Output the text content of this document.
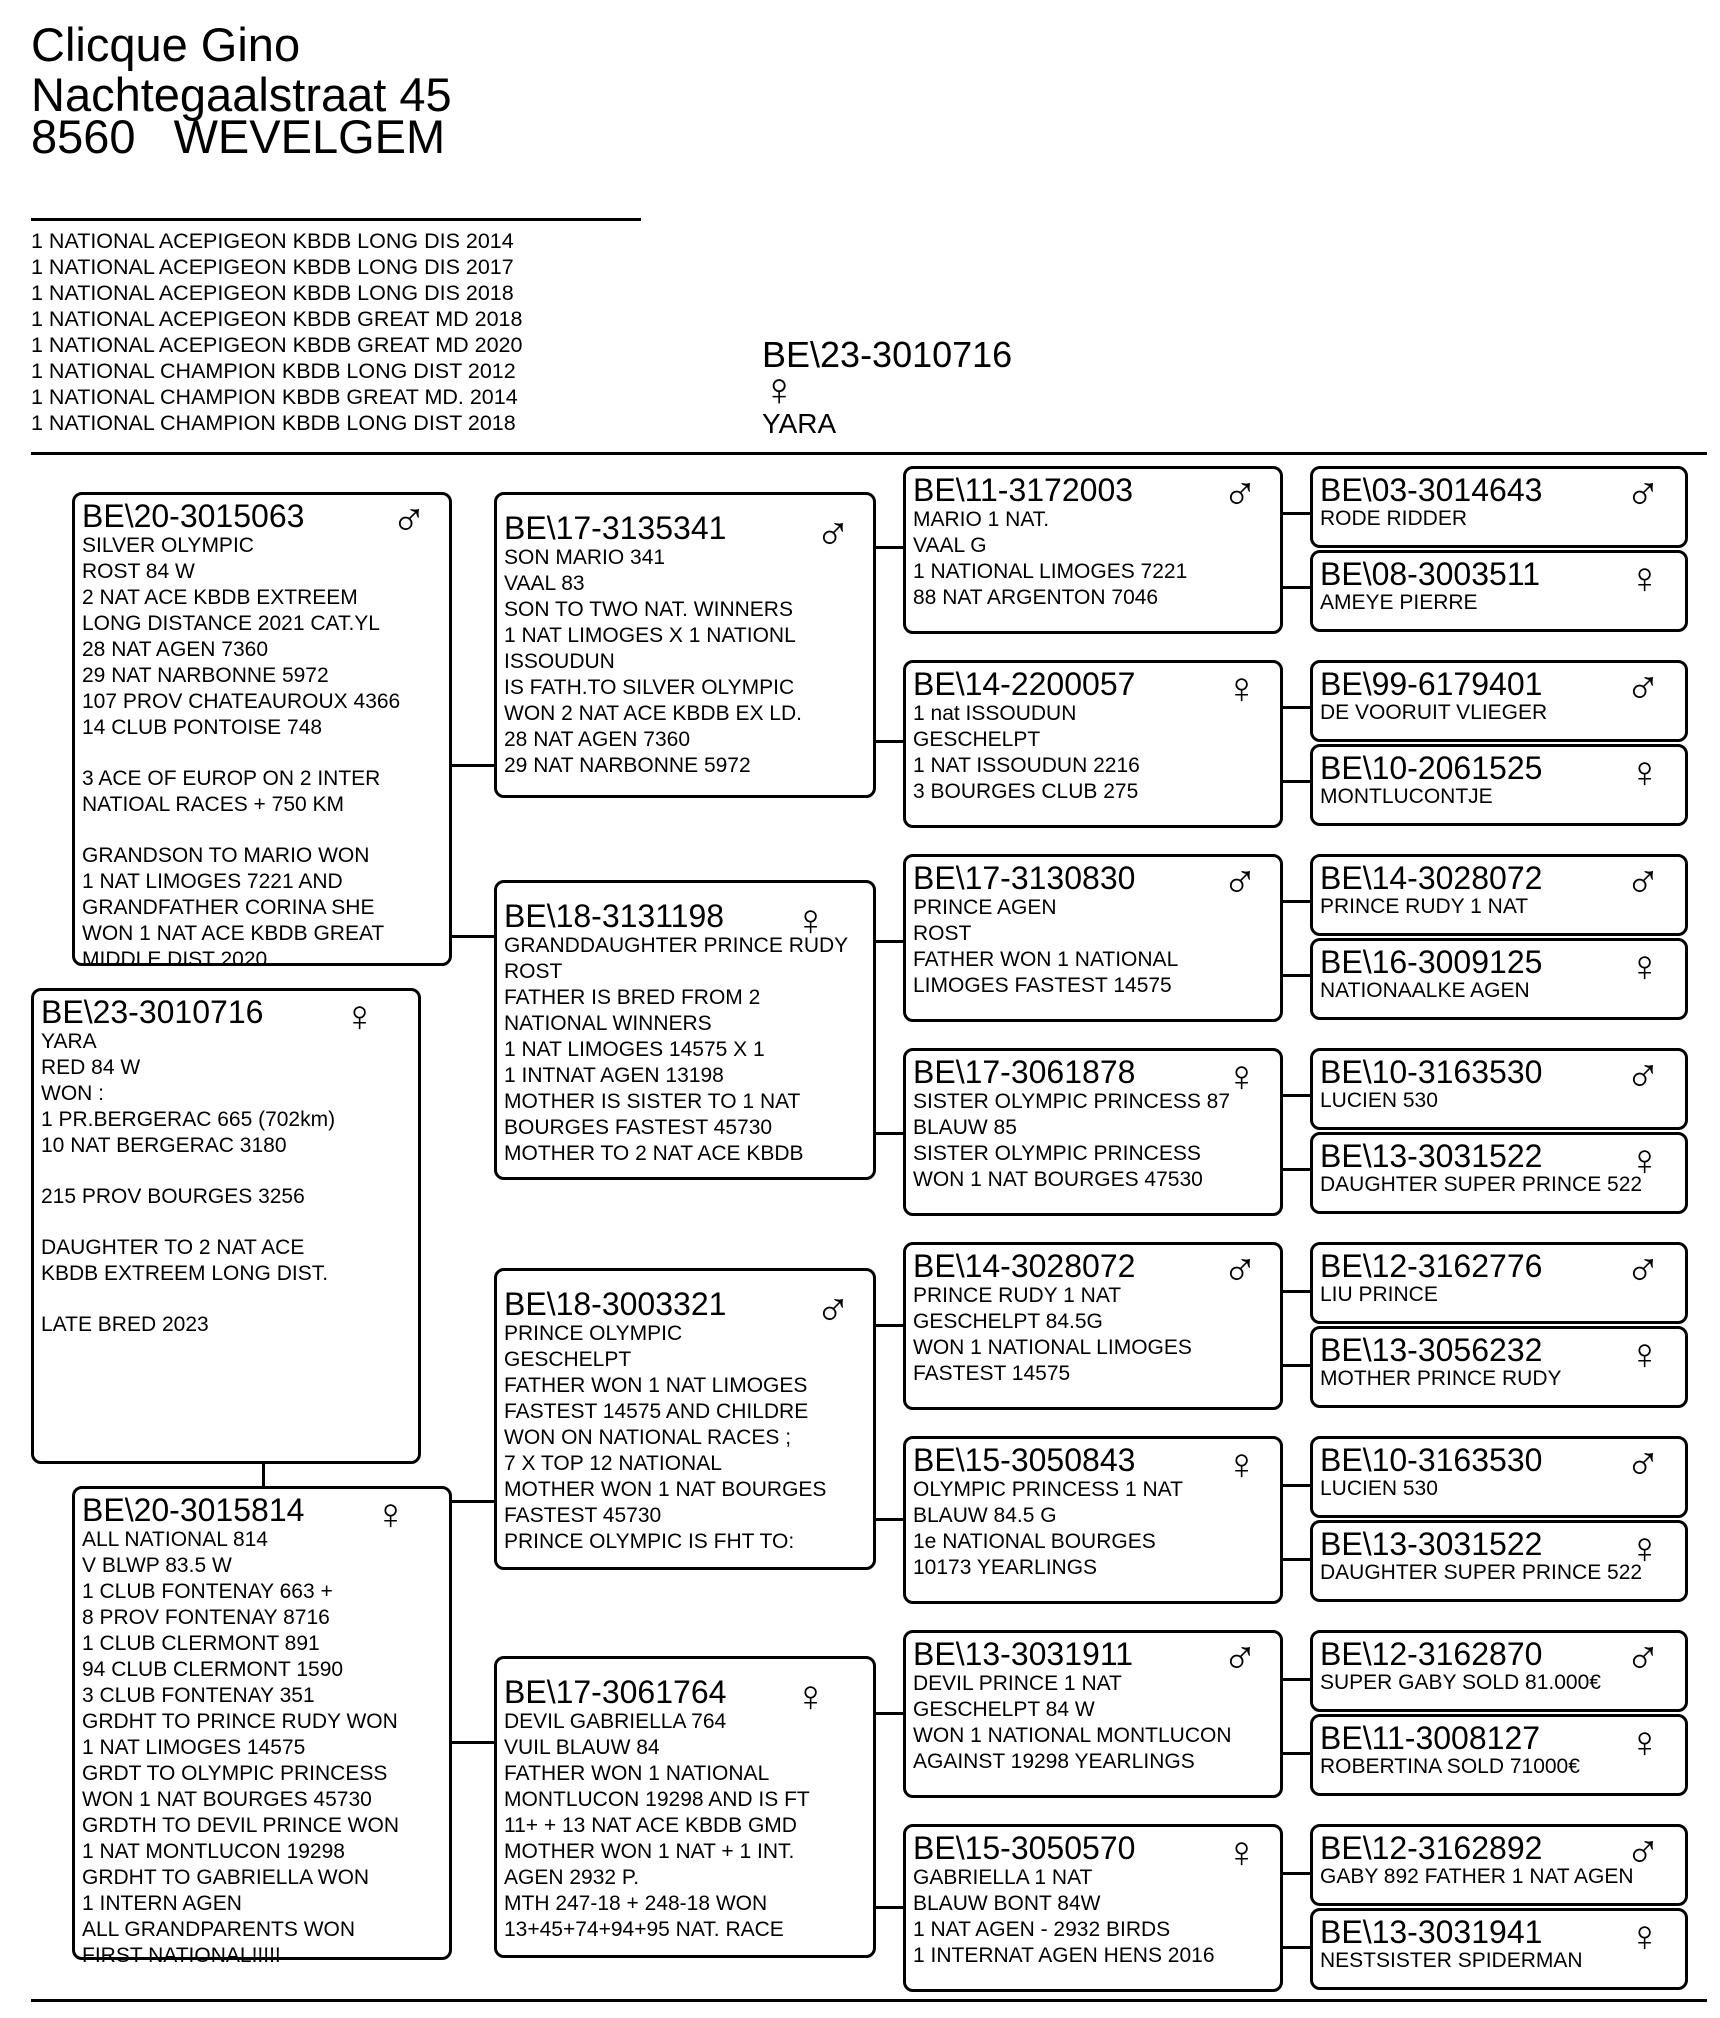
Clicque Gino
Nachtegaalstraat 45
8560 WEVELGEM
1 NATIONAL ACEPIGEON KBDB LONG DIS 2014
1 NATIONAL ACEPIGEON KBDB LONG DIS 2017
1 NATIONAL ACEPIGEON KBDB LONG DIS 2018
1 NATIONAL ACEPIGEON KBDB GREAT MD 2018
1 NATIONAL ACEPIGEON KBDB GREAT MD 2020
1 NATIONAL CHAMPION KBDB LONG DIST 2012
1 NATIONAL CHAMPION KBDB GREAT MD. 2014
1 NATIONAL CHAMPION KBDB LONG DIST 2018
BE\23-3010716
♀
YARA
BE\20-3015063	♂
SILVER OLYMPIC
ROST 84 W
2 NAT ACE KBDB EXTREEM
LONG DISTANCE 2021 CAT.YL
28 NAT AGEN 7360
29 NAT NARBONNE 5972
107 PROV CHATEAUROUX 4366
14 CLUB PONTOISE 748

3 ACE OF EUROP ON 2 INTER
NATIOAL RACES + 750 KM

GRANDSON TO MARIO WON
1 NAT LIMOGES 7221 AND
GRANDFATHER CORINA SHE
WON 1 NAT ACE KBDB GREAT
MIDDLE DIST 2020
BE\23-3010716	♀
YARA
RED 84 W
WON :
1 PR.BERGERAC 665 (702km)
10 NAT BERGERAC 3180

215 PROV BOURGES 3256

DAUGHTER TO 2 NAT ACE
KBDB EXTREEM LONG DIST.

LATE BRED 2023
BE\20-3015814	♀
ALL NATIONAL 814
V BLWP 83.5 W
1 CLUB FONTENAY 663 +
8 PROV FONTENAY 8716
1 CLUB CLERMONT 891
94 CLUB CLERMONT 1590
3 CLUB FONTENAY 351
GRDHT TO PRINCE RUDY WON
1 NAT LIMOGES 14575
GRDT TO OLYMPIC PRINCESS
WON 1 NAT BOURGES 45730
GRDTH TO DEVIL PRINCE WON
1 NAT MONTLUCON 19298
GRDHT TO GABRIELLA WON
1 INTERN AGEN
ALL GRANDPARENTS WON
FIRST NATIONAL!!!!!
BE\17-3135341	♂
SON MARIO 341
VAAL 83
SON TO TWO NAT. WINNERS
1 NAT LIMOGES X 1 NATIONL
ISSOUDUN
IS FATH.TO SILVER OLYMPIC
WON 2 NAT ACE KBDB EX LD.
28 NAT AGEN 7360
29 NAT NARBONNE 5972
BE\18-3131198	♀
GRANDDAUGHTER PRINCE RUDY
ROST
FATHER IS BRED FROM 2
NATIONAL WINNERS
1 NAT LIMOGES 14575 X 1
1 INTNAT AGEN 13198
MOTHER IS SISTER TO 1 NAT
BOURGES FASTEST 45730
MOTHER TO 2 NAT ACE KBDB
BE\18-3003321	♂
PRINCE OLYMPIC
GESCHELPT
FATHER WON 1 NAT LIMOGES
FASTEST 14575 AND CHILDRE
WON ON NATIONAL RACES ;
7 X TOP 12 NATIONAL
MOTHER WON 1 NAT BOURGES
FASTEST 45730
PRINCE OLYMPIC IS FHT TO:
BE\17-3061764	♀
DEVIL GABRIELLA 764
VUIL BLAUW 84
FATHER WON 1 NATIONAL
MONTLUCON 19298 AND IS FT
11+ + 13 NAT ACE KBDB GMD
MOTHER WON 1 NAT + 1 INT.
AGEN 2932 P.
MTH 247-18 + 248-18 WON
13+45+74+94+95 NAT. RACE
BE\11-3172003	♂
MARIO 1 NAT.
VAAL G
1 NATIONAL LIMOGES 7221
88 NAT ARGENTON 7046
BE\14-2200057	♀
1 nat ISSOUDUN
GESCHELPT
1 NAT ISSOUDUN 2216
3 BOURGES CLUB 275
BE\17-3130830	♂
PRINCE AGEN
ROST
FATHER WON 1 NATIONAL
LIMOGES FASTEST 14575
BE\17-3061878	♀
SISTER OLYMPIC PRINCESS 87
BLAUW 85
SISTER OLYMPIC PRINCESS
WON 1 NAT BOURGES 47530
BE\14-3028072	♂
PRINCE RUDY 1 NAT
GESCHELPT 84.5G
WON 1 NATIONAL LIMOGES
FASTEST 14575
BE\15-3050843	♀
OLYMPIC PRINCESS 1 NAT
BLAUW 84.5 G
1e NATIONAL BOURGES
10173 YEARLINGS
BE\13-3031911	♂
DEVIL PRINCE 1 NAT
GESCHELPT 84 W
WON 1 NATIONAL MONTLUCON
AGAINST 19298 YEARLINGS
BE\15-3050570	♀
GABRIELLA 1 NAT
BLAUW BONT 84W
1 NAT AGEN - 2932 BIRDS
1 INTERNAT AGEN HENS 2016
BE\03-3014643	♂
RODE RIDDER
BE\08-3003511	♀
AMEYE PIERRE
BE\99-6179401	♂
DE VOORUIT VLIEGER
BE\10-2061525	♀
MONTLUCONTJE
BE\14-3028072	♂
PRINCE RUDY 1 NAT
BE\16-3009125	♀
NATIONAALKE AGEN
BE\10-3163530	♂
LUCIEN 530
BE\13-3031522	♀
DAUGHTER SUPER PRINCE 522
BE\12-3162776	♂
LIU PRINCE
BE\13-3056232	♀
MOTHER PRINCE RUDY
BE\10-3163530	♂
LUCIEN 530
BE\13-3031522	♀
DAUGHTER SUPER PRINCE 522
BE\12-3162870	♂
SUPER GABY SOLD 81.000€
BE\11-3008127	♀
ROBERTINA SOLD 71000€
BE\12-3162892	♂
GABY 892 FATHER 1 NAT AGEN
BE\13-3031941	♀
NESTSISTER SPIDERMAN
